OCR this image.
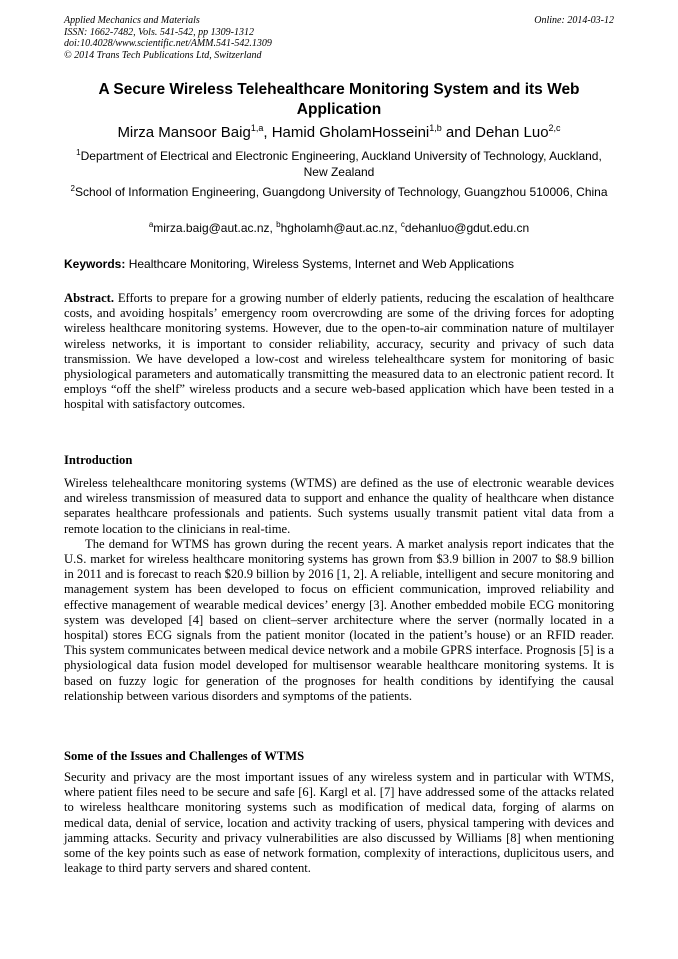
Applied Mechanics and Materials
ISSN: 1662-7482, Vols. 541-542, pp 1309-1312
doi:10.4028/www.scientific.net/AMM.541-542.1309
© 2014 Trans Tech Publications Ltd, Switzerland
Online: 2014-03-12
A Secure Wireless Telehealthcare Monitoring System and its Web Application
Mirza Mansoor Baig$^{1,a}$, Hamid GholamHosseini$^{1,b}$ and Dehan Luo$^{2,c}$
$^1$Department of Electrical and Electronic Engineering, Auckland University of Technology, Auckland, New Zealand
$^2$School of Information Engineering, Guangdong University of Technology, Guangzhou 510006, China
$^a$mirza.baig@aut.ac.nz, $^b$hgholamh@aut.ac.nz, $^c$dehanluo@gdut.edu.cn
Keywords: Healthcare Monitoring, Wireless Systems, Internet and Web Applications
Abstract. Efforts to prepare for a growing number of elderly patients, reducing the escalation of healthcare costs, and avoiding hospitals’ emergency room overcrowding are some of the driving forces for adopting wireless healthcare monitoring systems. However, due to the open-to-air commination nature of multilayer wireless networks, it is important to consider reliability, accuracy, security and privacy of such data transmission. We have developed a low-cost and wireless telehealthcare system for monitoring of basic physiological parameters and automatically transmitting the measured data to an electronic patient record. It employs “off the shelf” wireless products and a secure web-based application which have been tested in a hospital with satisfactory outcomes.
Introduction

Wireless telehealthcare monitoring systems (WTMS) are defined as the use of electronic wearable devices and wireless transmission of measured data to support and enhance the quality of healthcare when distance separates healthcare professionals and patients. Such systems usually transmit patient vital data from a remote location to the clinicians in real-time.

The demand for WTMS has grown during the recent years. A market analysis report indicates that the U.S. market for wireless healthcare monitoring systems has grown from $3.9 billion in 2007 to $8.9 billion in 2011 and is forecast to reach $20.9 billion by 2016 [1, 2]. A reliable, intelligent and secure monitoring and management system has been developed to focus on efficient communication, improved reliability and effective management of wearable medical devices’ energy [3]. Another embedded mobile ECG monitoring system was developed [4] based on client–server architecture where the server (normally located in a hospital) stores ECG signals from the patient monitor (located in the patient’s house) or an RFID reader. This system communicates between medical device network and a mobile GPRS interface. Prognosis [5] is a physiological data fusion model developed for multisensor wearable healthcare monitoring systems. It is based on fuzzy logic for generation of the prognoses for health conditions by identifying the causal relationship between various disorders and symptoms of the patients.

Some of the Issues and Challenges of WTMS

Security and privacy are the most important issues of any wireless system and in particular with WTMS, where patient files need to be secure and safe [6]. Kargl et al. [7] have addressed some of the attacks related to wireless healthcare monitoring systems such as modification of medical data, forging of alarms on medical data, denial of service, location and activity tracking of users, physical tampering with devices and jamming attacks. Security and privacy vulnerabilities are also discussed by Williams [8] when mentioning some of the key points such as ease of network formation, complexity of interactions, duplicitous users, and leakage to third party servers and shared content.
